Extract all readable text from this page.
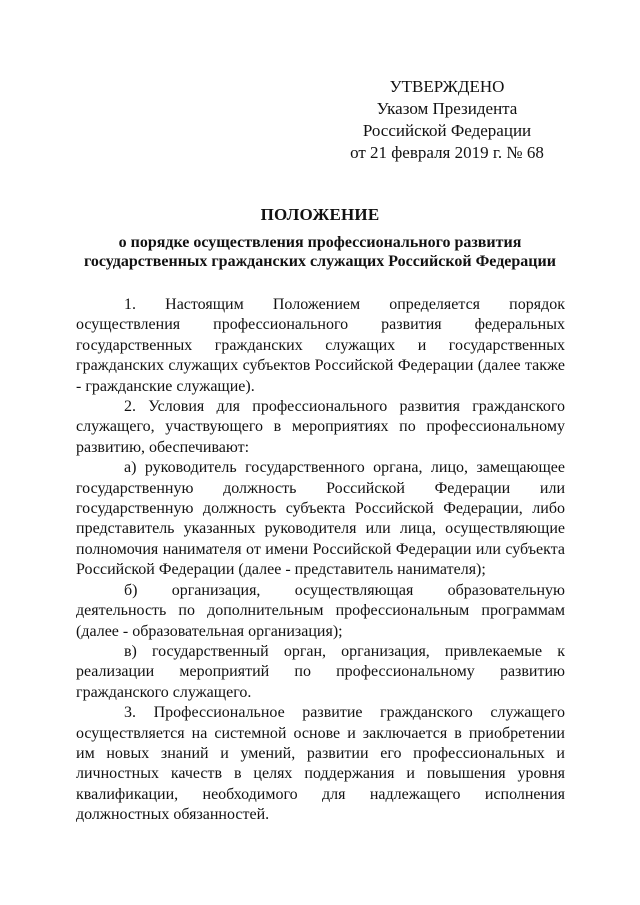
УТВЕРЖДЕНО
Указом Президента
Российской Федерации
от 21 февраля 2019 г. № 68
ПОЛОЖЕНИЕ
о порядке осуществления профессионального развития
государственных гражданских служащих Российской Федерации

1. Настоящим Положением определяется порядок осуществления профессионального развития федеральных государственных гражданских служащих и государственных гражданских служащих субъектов Российской Федерации (далее также - гражданские служащие).

2. Условия для профессионального развития гражданского служащего, участвующего в мероприятиях по профессиональному развитию, обеспечивают:

а) руководитель государственного органа, лицо, замещающее государственную должность Российской Федерации или государственную должность субъекта Российской Федерации, либо представитель указанных руководителя или лица, осуществляющие полномочия нанимателя от имени Российской Федерации или субъекта Российской Федерации (далее - представитель нанимателя);

б) организация, осуществляющая образовательную деятельность по дополнительным профессиональным программам (далее - образовательная организация);

в) государственный орган, организация, привлекаемые к реализации мероприятий по профессиональному развитию гражданского служащего.

3. Профессиональное развитие гражданского служащего осуществляется на системной основе и заключается в приобретении им новых знаний и умений, развитии его профессиональных и личностных качеств в целях поддержания и повышения уровня квалификации, необходимого для надлежащего исполнения должностных обязанностей.
